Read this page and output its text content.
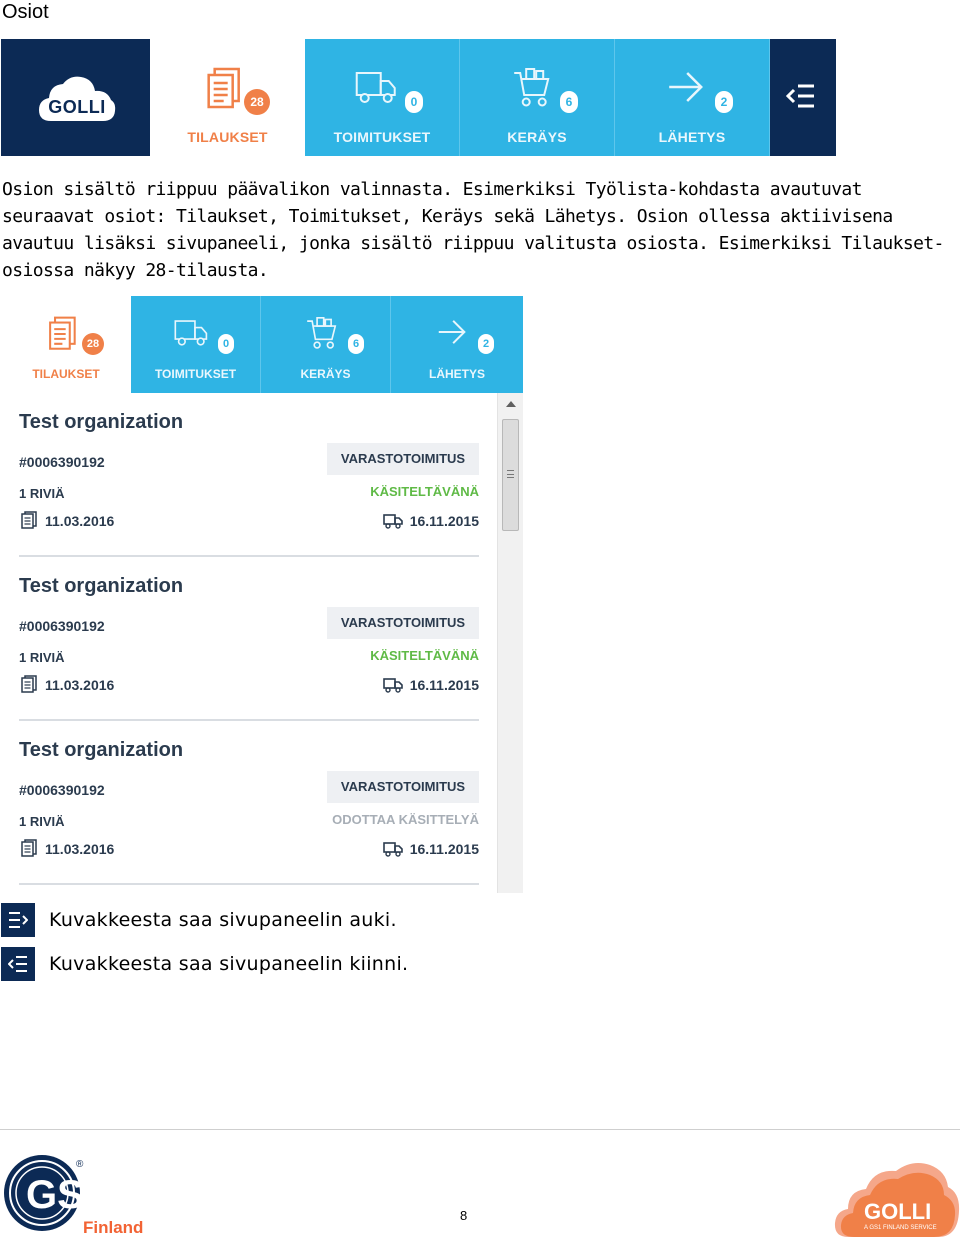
Osiot
GOLLI	28
TILAUKSET
0
TOIMITUKSET
6
KERÄYS
2
LÄHETYS
Osion sisältö riippuu päävalikon valinnasta. Esimerkiksi Työlista-kohdasta avautuvat seuraavat osiot: Tilaukset, Toimitukset, Keräys sekä Lähetys. Osion ollessa aktiivisena avautuu lisäksi sivupaneeli, jonka sisältö riippuu valitusta osiosta. Esimerkiksi Tilaukset-osiossa näkyy 28-tilausta.
28
TILAUKSET
0
TOIMITUKSET
6
KERÄYS
2
LÄHETYS
Test organization
#0006390192
1 RIVIÄ
11.03.2016
VARASTOTOIMITUS
KÄSITELTÄVÄNÄ
16.11.2015
Test organization
#0006390192
1 RIVIÄ
11.03.2016
VARASTOTOIMITUS
KÄSITELTÄVÄNÄ
16.11.2015
Test organization
#0006390192
1 RIVIÄ
11.03.2016
VARASTOTOIMITUS
ODOTTAA KÄSITTELYÄ
16.11.2015
Kuvakkeesta saa sivupaneelin auki.
Kuvakkeesta saa sivupaneelin kiinni.
GS1
®
Finland
8	GOLLI
A GS1 FINLAND SERVICE
